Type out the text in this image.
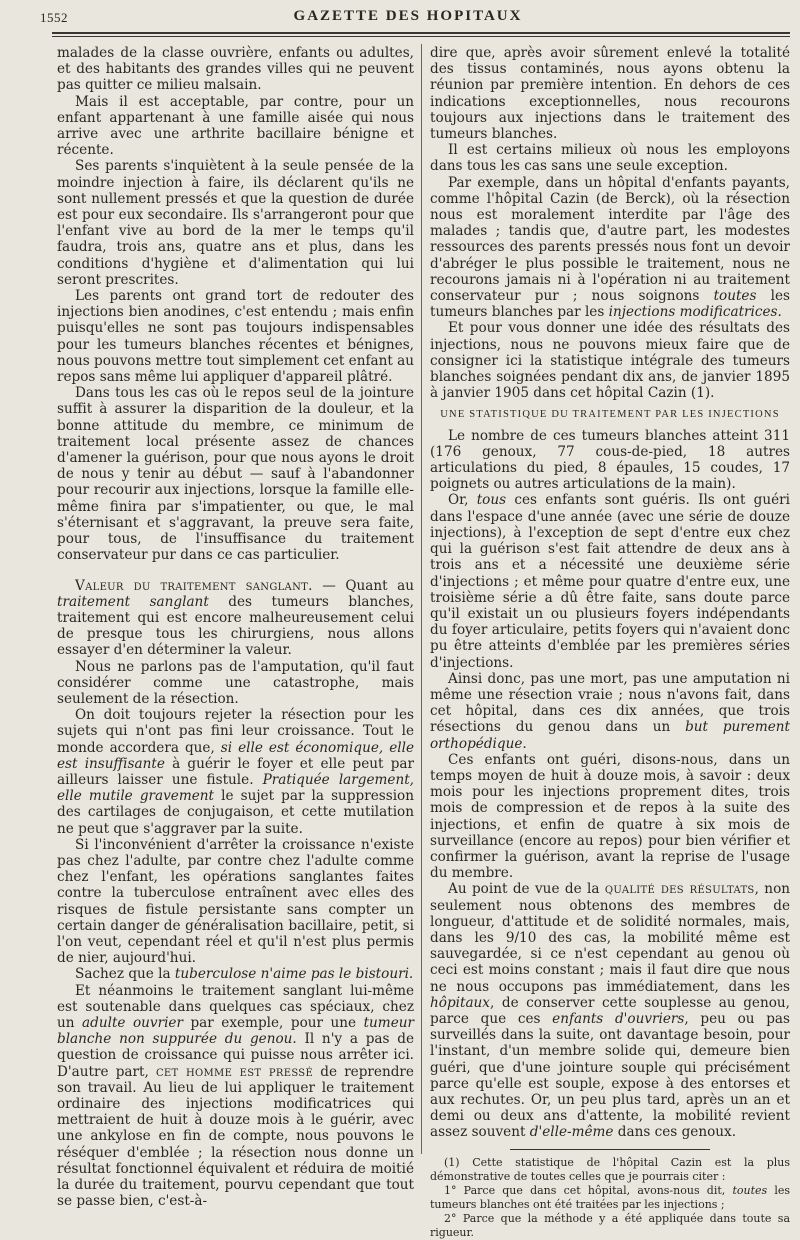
1552	GAZETTE DES HOPITAUX

malades de la classe ouvrière, enfants ou adultes, et des habitants des grandes villes qui ne peuvent pas quitter ce milieu malsain.

Mais il est acceptable, par contre, pour un enfant appartenant à une famille aisée qui nous arrive avec une arthrite bacillaire bénigne et récente.

Ses parents s'inquiètent à la seule pensée de la moindre injection à faire, ils déclarent qu'ils ne sont nullement pressés et que la question de durée est pour eux secondaire. Ils s'arrangeront pour que l'enfant vive au bord de la mer le temps qu'il faudra, trois ans, quatre ans et plus, dans les conditions d'hygiène et d'alimentation qui lui seront prescrites.

Les parents ont grand tort de redouter des injections bien anodines, c'est entendu ; mais enfin puisqu'elles ne sont pas toujours indispensables pour les tumeurs blanches récentes et bénignes, nous pouvons mettre tout simplement cet enfant au repos sans même lui appliquer d'appareil plâtré.

Dans tous les cas où le repos seul de la jointure suffit à assurer la disparition de la douleur, et la bonne attitude du membre, ce minimum de traitement local présente assez de chances d'amener la guérison, pour que nous ayons le droit de nous y tenir au début — sauf à l'abandonner pour recourir aux injections, lorsque la famille elle-même finira par s'impatienter, ou que, le mal s'éternisant et s'aggravant, la preuve sera faite, pour tous, de l'insuffisance du traitement conservateur pur dans ce cas particulier.

Valeur du traitement sanglant. — Quant au traitement sanglant des tumeurs blanches, traitement qui est encore malheureusement celui de presque tous les chirurgiens, nous allons essayer d'en déterminer la valeur.

Nous ne parlons pas de l'amputation, qu'il faut considérer comme une catastrophe, mais seulement de la résection.

On doit toujours rejeter la résection pour les sujets qui n'ont pas fini leur croissance. Tout le monde accordera que, si elle est économique, elle est insuffisante à guérir le foyer et elle peut par ailleurs laisser une fistule. Pratiquée largement, elle mutile gravement le sujet par la suppression des cartilages de conjugaison, et cette mutilation ne peut que s'aggraver par la suite.

Si l'inconvénient d'arrêter la croissance n'existe pas chez l'adulte, par contre chez l'adulte comme chez l'enfant, les opérations sanglantes faites contre la tuberculose entraînent avec elles des risques de fistule persistante sans compter un certain danger de généralisation bacillaire, petit, si l'on veut, cependant réel et qu'il n'est plus permis de nier, aujourd'hui.

Sachez que la tuberculose n'aime pas le bistouri.

Et néanmoins le traitement sanglant lui-même est soutenable dans quelques cas spéciaux, chez un adulte ouvrier par exemple, pour une tumeur blanche non suppurée du genou. Il n'y a pas de question de croissance qui puisse nous arrêter ici. D'autre part, cet homme est pressé de reprendre son travail. Au lieu de lui appliquer le traitement ordinaire des injections modificatrices qui mettraient de huit à douze mois à le guérir, avec une ankylose en fin de compte, nous pouvons le réséquer d'emblée ; la résection nous donne un résultat fonctionnel équivalent et réduira de moitié la durée du traitement, pourvu cependant que tout se passe bien, c'est-à-

dire que, après avoir sûrement enlevé la totalité des tissus contaminés, nous ayons obtenu la réunion par première intention. En dehors de ces indications exceptionnelles, nous recourons toujours aux injections dans le traitement des tumeurs blanches.

Il est certains milieux où nous les employons dans tous les cas sans une seule exception.

Par exemple, dans un hôpital d'enfants payants, comme l'hôpital Cazin (de Berck), où la résection nous est moralement interdite par l'âge des malades ; tandis que, d'autre part, les modestes ressources des parents pressés nous font un devoir d'abréger le plus possible le traitement, nous ne recourons jamais ni à l'opération ni au traitement conservateur pur ; nous soignons toutes les tumeurs blanches par les injections modificatrices.

Et pour vous donner une idée des résultats des injections, nous ne pouvons mieux faire que de consigner ici la statistique intégrale des tumeurs blanches soignées pendant dix ans, de janvier 1895 à janvier 1905 dans cet hôpital Cazin (1).

UNE STATISTIQUE DU TRAITEMENT PAR LES INJECTIONS

Le nombre de ces tumeurs blanches atteint 311 (176 genoux, 77 cous-de-pied, 18 autres articulations du pied, 8 épaules, 15 coudes, 17 poignets ou autres articulations de la main).

Or, tous ces enfants sont guéris. Ils ont guéri dans l'espace d'une année (avec une série de douze injections), à l'exception de sept d'entre eux chez qui la guérison s'est fait attendre de deux ans à trois ans et a nécessité une deuxième série d'injections ; et même pour quatre d'entre eux, une troisième série a dû être faite, sans doute parce qu'il existait un ou plusieurs foyers indépendants du foyer articulaire, petits foyers qui n'avaient donc pu être atteints d'emblée par les premières séries d'injections.

Ainsi donc, pas une mort, pas une amputation ni même une résection vraie ; nous n'avons fait, dans cet hôpital, dans ces dix années, que trois résections du genou dans un but purement orthopédique.

Ces enfants ont guéri, disons-nous, dans un temps moyen de huit à douze mois, à savoir : deux mois pour les injections proprement dites, trois mois de compression et de repos à la suite des injections, et enfin de quatre à six mois de surveillance (encore au repos) pour bien vérifier et confirmer la guérison, avant la reprise de l'usage du membre.

Au point de vue de la qualité des résultats, non seulement nous obtenons des membres de longueur, d'attitude et de solidité normales, mais, dans les 9/10 des cas, la mobilité même est sauvegardée, si ce n'est cependant au genou où ceci est moins constant ; mais il faut dire que nous ne nous occupons pas immédiatement, dans les hôpitaux, de conserver cette souplesse au genou, parce que ces enfants d'ouvriers, peu ou pas surveillés dans la suite, ont davantage besoin, pour l'instant, d'un membre solide qui, demeure bien guéri, que d'une jointure souple qui précisément parce qu'elle est souple, expose à des entorses et aux rechutes. Or, un peu plus tard, après un an et demi ou deux ans d'attente, la mobilité revient assez souvent d'elle-même dans ces genoux.

(1) Cette statistique de l'hôpital Cazin est la plus démonstrative de toutes celles que je pourrais citer :

1° Parce que dans cet hôpital, avons-nous dit, toutes les tumeurs blanches ont été traitées par les injections ;

2° Parce que la méthode y a été appliquée dans toute sa rigueur.
